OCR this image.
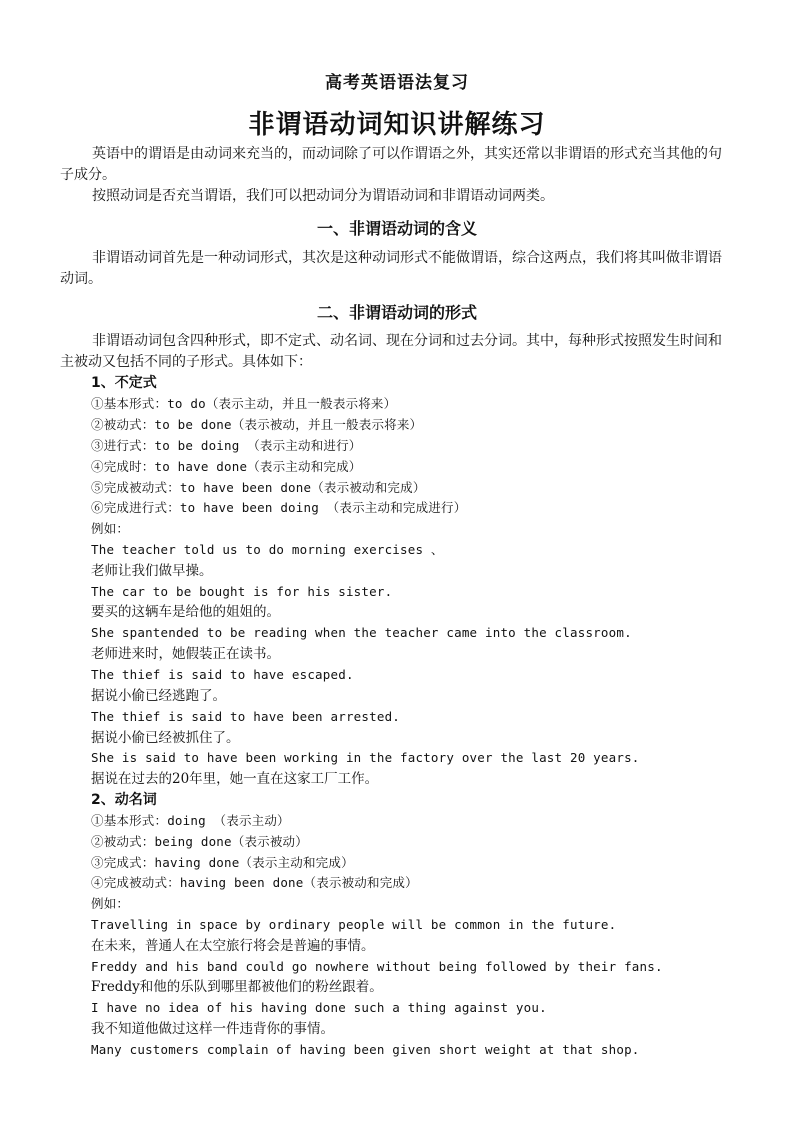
高考英语语法复习
非谓语动词知识讲解练习

英语中的谓语是由动词来充当的，而动词除了可以作谓语之外，其实还常以非谓语的形式充当其他的句子成分。

按照动词是否充当谓语，我们可以把动词分为谓语动词和非谓语动词两类。

一、非谓语动词的含义

非谓语动词首先是一种动词形式，其次是这种动词形式不能做谓语，综合这两点，我们将其叫做非谓语动词。

二、非谓语动词的形式

非谓语动词包含四种形式，即不定式、动名词、现在分词和过去分词。其中，每种形式按照发生时间和主被动又包括不同的子形式。具体如下：

1、不定式
①基本形式：to do（表示主动，并且一般表示将来）
②被动式：to be done（表示被动，并且一般表示将来）
③进行式：to be doing （表示主动和进行）
④完成时：to have done（表示主动和完成）
⑤完成被动式：to have been done（表示被动和完成）
⑥完成进行式：to have been doing （表示主动和完成进行）
例如：
The teacher told us to do morning exercises 、
老师让我们做早操。
The car to be bought is for his sister.
要买的这辆车是给他的姐姐的。
She spantended to be reading when the teacher came into the classroom.
老师进来时，她假装正在读书。
The thief is said to have escaped.
据说小偷已经逃跑了。
The thief is said to have been arrested.
据说小偷已经被抓住了。
She is said to have been working in the factory over the last 20 years.
据说在过去的20年里，她一直在这家工厂工作。
2、动名词
①基本形式：doing （表示主动）
②被动式：being done（表示被动）
③完成式：having done（表示主动和完成）
④完成被动式：having been done（表示被动和完成）
例如：
Travelling in space by ordinary people will be common in the future.
在未来，普通人在太空旅行将会是普遍的事情。
Freddy and his band could go nowhere without being followed by their fans.
Freddy和他的乐队到哪里都被他们的粉丝跟着。
I have no idea of his having done such a thing against you.
我不知道他做过这样一件违背你的事情。
Many customers complain of having been given short weight at that shop.
